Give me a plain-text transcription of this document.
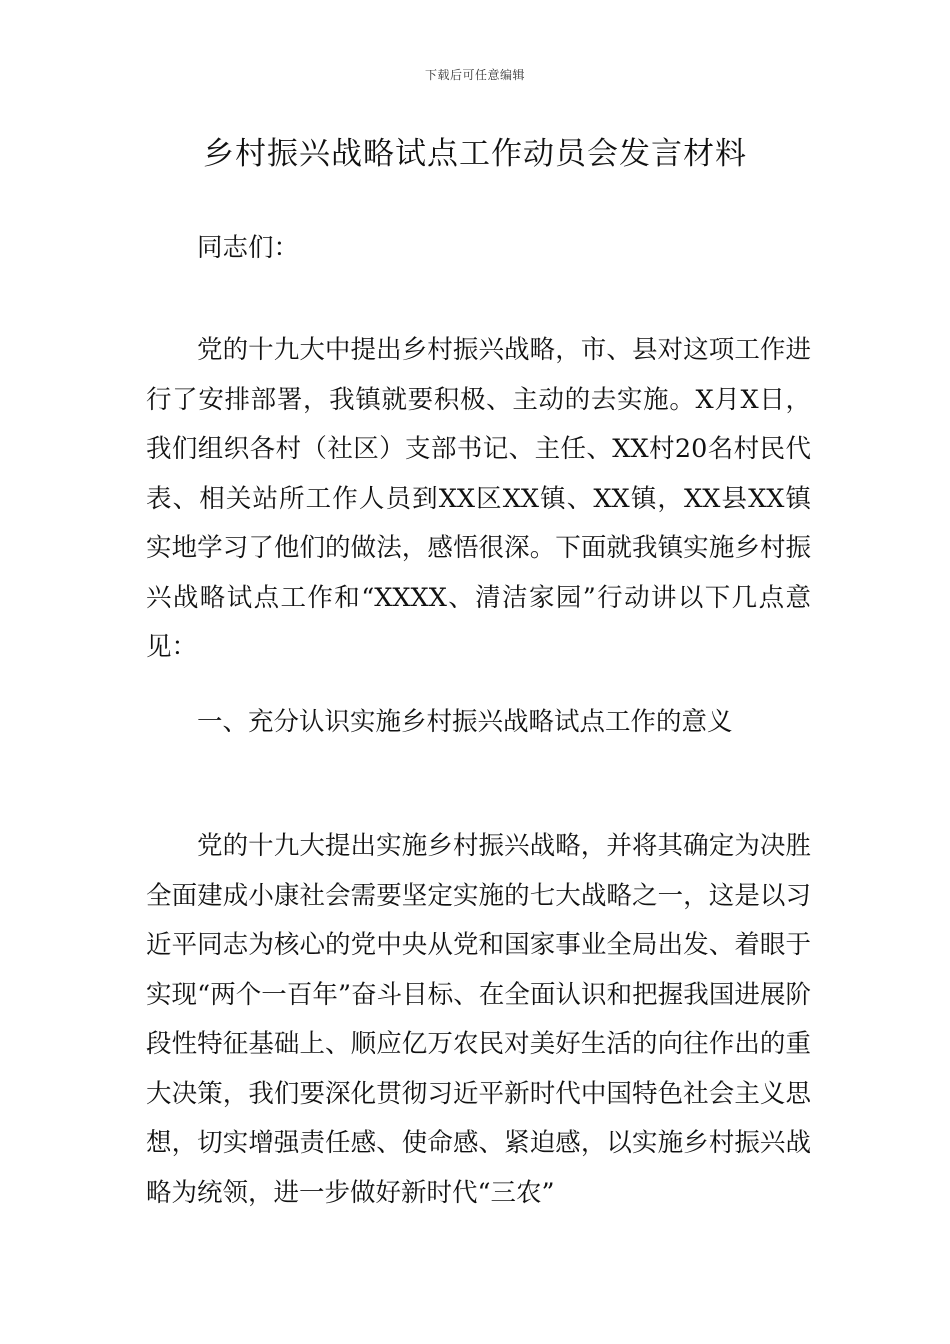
下载后可任意编辑
乡村振兴战略试点工作动员会发言材料

同志们：

党的十九大中提出乡村振兴战略，市、县对这项工作进行了安排部署，我镇就要积极、主动的去实施。X月X日，我们组织各村（社区）支部书记、主任、XX村20名村民代表、相关站所工作人员到XX区XX镇、XX镇，XX县XX镇实地学习了他们的做法，感悟很深。下面就我镇实施乡村振兴战略试点工作和“XXXX、清洁家园”行动讲以下几点意见：

一、充分认识实施乡村振兴战略试点工作的意义

党的十九大提出实施乡村振兴战略，并将其确定为决胜全面建成小康社会需要坚定实施的七大战略之一，这是以习近平同志为核心的党中央从党和国家事业全局出发、着眼于实现“两个一百年”奋斗目标、在全面认识和把握我国进展阶段性特征基础上、顺应亿万农民对美好生活的向往作出的重大决策，我们要深化贯彻习近平新时代中国特色社会主义思想，切实增强责任感、使命感、紧迫感，以实施乡村振兴战略为统领，进一步做好新时代“三农”
